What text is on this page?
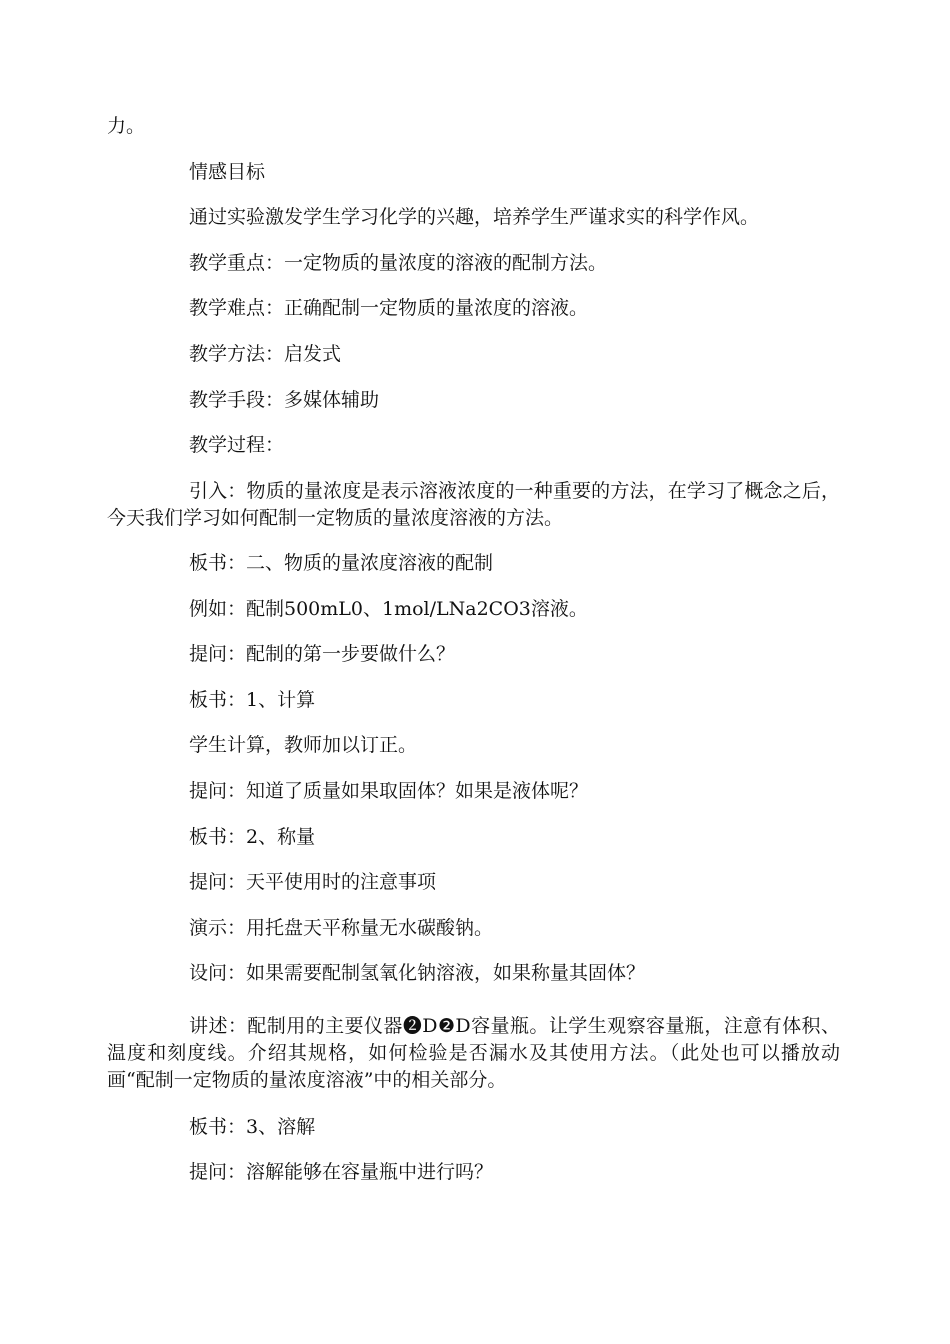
力。

情感目标

通过实验激发学生学习化学的兴趣，培养学生严谨求实的科学作风。

教学重点：一定物质的量浓度的溶液的配制方法。

教学难点：正确配制一定物质的量浓度的溶液。

教学方法：启发式

教学手段：多媒体辅助

教学过程：

引入：物质的量浓度是表示溶液浓度的一种重要的方法，在学习了概念之后，今天我们学习如何配制一定物质的量浓度溶液的方法。

板书：二、物质的量浓度溶液的配制

例如：配制500mL0、1mol/LNa2CO3溶液。

提问：配制的第一步要做什么？

板书：1、计算

学生计算，教师加以订正。

提问：知道了质量如果取固体？如果是液体呢？

板书：2、称量

提问：天平使用时的注意事项

演示：用托盘天平称量无水碳酸钠。

设问：如果需要配制氢氧化钠溶液，如果称量其固体？

讲述：配制用的主要仪器❷D❷D容量瓶。让学生观察容量瓶，注意有体积、温度和刻度线。介绍其规格，如何检验是否漏水及其使用方法。（此处也可以播放动画“配制一定物质的量浓度溶液”中的相关部分。

板书：3、溶解

提问：溶解能够在容量瓶中进行吗？
